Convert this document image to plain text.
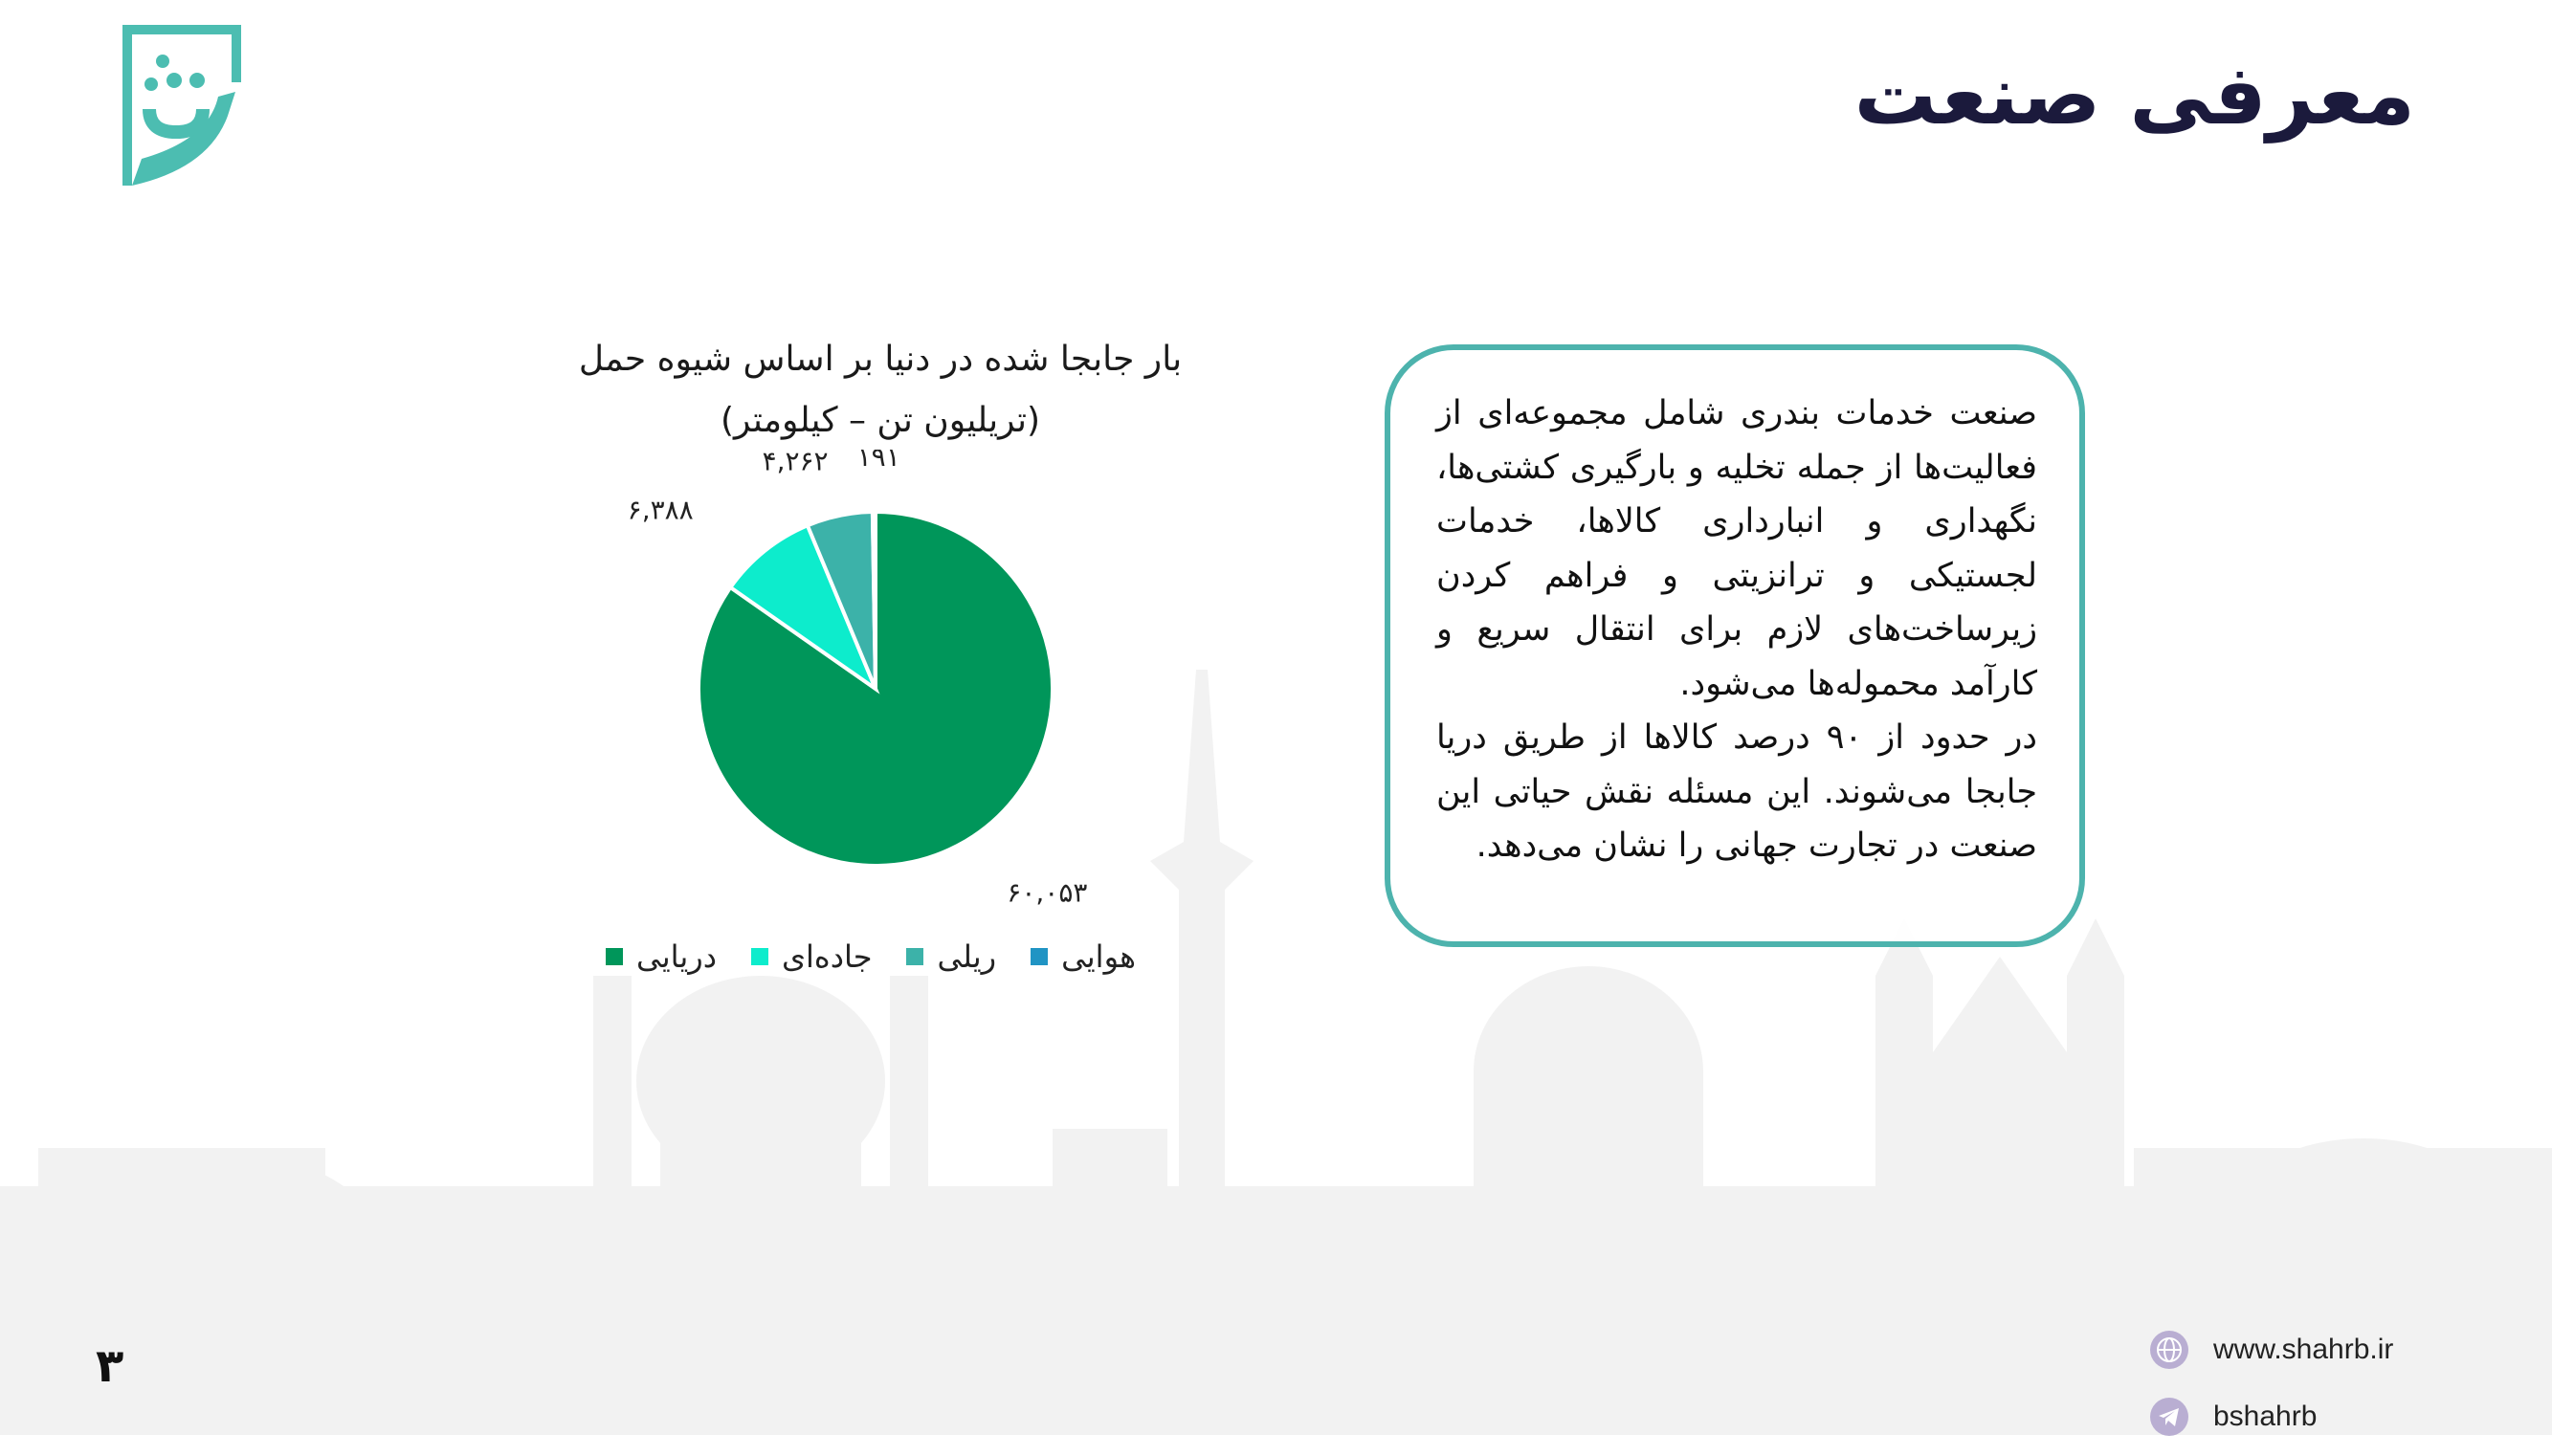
معرفی صنعت
بار جابجا شده در دنیا بر اساس شیوه حمل
(تریلیون تن – کیلومتر)
۶۰,۰۵۳
۶,۳۸۸
۴,۲۶۲ ۱۹۱
دریایی جاده‌ای ریلی هوایی

صنعت خدمات بندری شامل مجموعه‌ای از فعالیت‌ها از جمله تخلیه و بارگیری کشتی‌ها، نگهداری و انبارداری کالاها، خدمات لجستیکی و ترانزیتی و فراهم کردن زیرساخت‌های لازم برای انتقال سریع و کارآمد محموله‌ها می‌شود.

در حدود از ۹۰ درصد کالاها از طریق دریا جابجا می‌شوند. این مسئله نقش حیاتی این صنعت در تجارت جهانی را نشان می‌دهد.

۳	www.shahrb.ir
bshahrb
